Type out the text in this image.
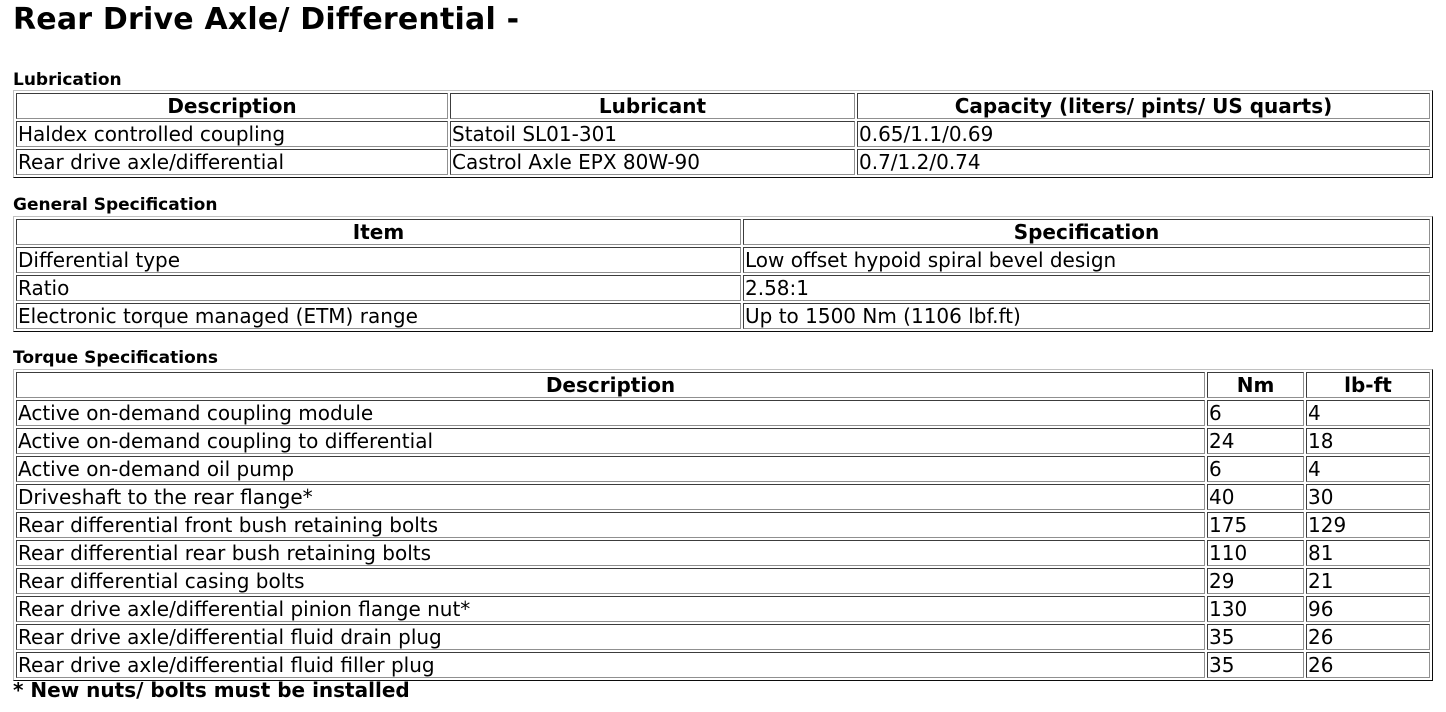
Rear Drive Axle/ Differential -
Lubrication
Description	Lubricant	Capacity (liters/ pints/ US quarts)
Haldex controlled coupling	Statoil SL01-301	0.65/1.1/0.69
Rear drive axle/differential	Castrol Axle EPX 80W-90	0.7/1.2/0.74
General Specification
Item	Specification
Differential type	Low offset hypoid spiral bevel design
Ratio	2.58:1
Electronic torque managed (ETM) range	Up to 1500 Nm (1106 lbf.ft)
Torque Specifications
Description	Nm	lb-ft
Active on-demand coupling module	6	4
Active on-demand coupling to differential	24	18
Active on-demand oil pump	6	4
Driveshaft to the rear flange*	40	30
Rear differential front bush retaining bolts	175	129
Rear differential rear bush retaining bolts	110	81
Rear differential casing bolts	29	21
Rear drive axle/differential pinion flange nut*	130	96
Rear drive axle/differential fluid drain plug	35	26
Rear drive axle/differential fluid filler plug	35	26

* New nuts/ bolts must be installed
